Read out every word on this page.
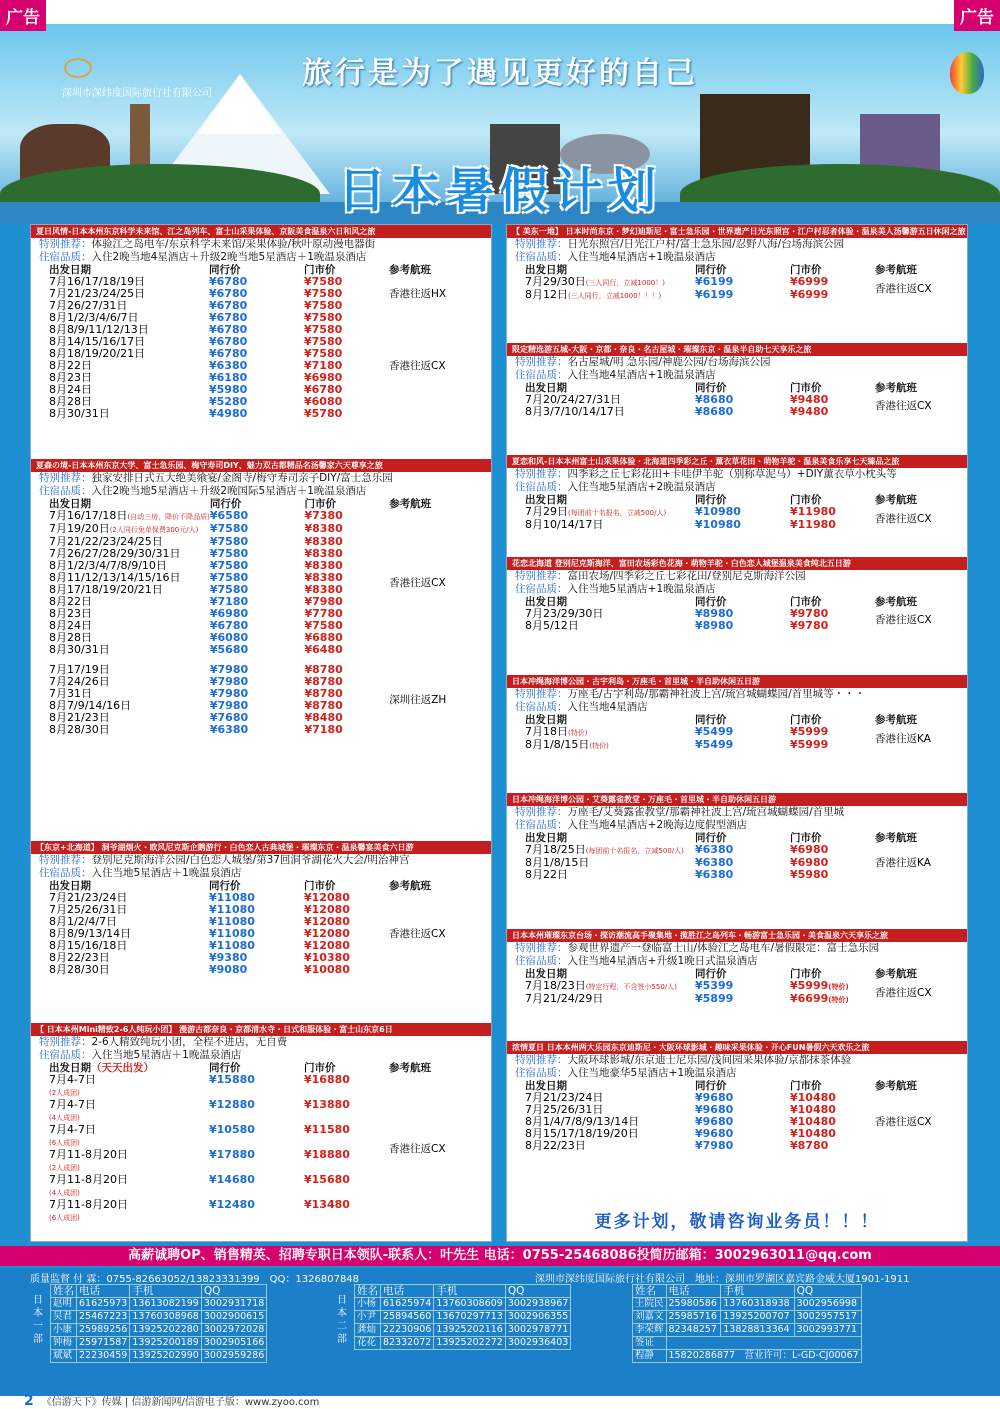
广告	广告
深圳市深纬度国际旅行社有限公司
旅行是为了遇见更好的自己
日本暑假计划
夏日风情-日本本州东京科学未来馆、江之岛列车、富士山采果体验、京阪美食温泉六日和风之旅
特别推荐：体验江之岛电车/东京科学未来馆/采果体验/秋叶原动漫电器街
住宿品质：入住2晚当地4星酒店＋升级2晚当地5星酒店＋1晚温泉酒店
出发日期	同行价	门市价	参考航班
7月16/17/18/19日	¥6780	¥7580	香港往返HX
7月21/23/24/25日	¥6780	¥7580	
7月26/27/31日	¥6780	¥7580	
8月1/2/3/4/6/7日	¥6780	¥7580	香港往返CX
8月8/9/11/12/13日	¥6780	¥7580	
8月14/15/16/17日	¥6780	¥7580	
8月18/19/20/21日	¥6780	¥7580	
8月22日	¥6380	¥7180	
8月23日	¥6180	¥6980	
8月24日	¥5980	¥6780	
8月28日	¥5280	¥6080	
8月30/31日	¥4980	¥5780	
夏森の境-日本本州东京大学、富士急乐园、梅守寿司DIY、魅力双古都精品名汤馨家六天尊享之旅
特别推荐：独家安排日式五大绝美飨宴/金阁寺/梅守寿司亲子DIY/富士急乐园
住宿品质：入住2晚当地5星酒店＋升级2晚国际5星酒店＋1晚温泉酒店
出发日期	同行价	门市价	参考航班
7月16/17/18日(自动三房，降价不降品质)	¥6580	¥7380	香港往返CX
7月19/20日(2人同行免单保费300元/人)	¥7580	¥8380	
7月21/22/23/24/25日	¥7580	¥8380	
7月26/27/28/29/30/31日	¥7580	¥8380	
8月1/2/3/4/7/8/9/10日	¥7580	¥8380	
8月11/12/13/14/15/16日	¥7580	¥8380	
8月17/18/19/20/21日	¥7580	¥8380	
8月22日	¥7180	¥7980	
8月23日	¥6980	¥7780	
8月24日	¥6780	¥7580	
8月28日	¥6080	¥6880	
8月30/31日	¥5680	¥6480	

7月17/19日	¥7980	¥8780	深圳往返ZH
7月24/26日	¥7980	¥8780	
7月31日	¥7980	¥8780	
8月7/9/14/16日	¥7980	¥8780	
8月21/23日	¥7680	¥8480	
8月28/30日	¥6380	¥7180	
【东京+北海道】 洞爷湖烟火・欧风尼克斯企鹅游行・白色恋人古典城堡・璀璨东京・温泉馨宴美食六日游
特别推荐：登别尼克斯海洋公园/白色恋人城堡/第37回洞爷湖花火大会/明治神宫
住宿品质：入住当地5星酒店＋1晚温泉酒店
出发日期	同行价	门市价	参考航班
7月21/23/24日	¥11080	¥12080	香港往返CX
7月25/26/31日	¥11080	¥12080	
8月1/2/4/7日	¥11080	¥12080	
8月8/9/13/14日	¥11080	¥12080	
8月15/16/18日	¥11080	¥12080	
8月22/23日	¥9380	¥10380	
8月28/30日	¥9080	¥10080	
【 日本本州Mini精致2-6人纯玩小团】 漫游古都奈良・京都清水寺・日式和服体验・富士山东京6日
特别推荐：2-6人精致纯玩小团，全程不进店，无自费
住宿品质：入住当地5星酒店＋1晚温泉酒店
出发日期（天天出发）	同行价	门市价	参考航班
7月4-7日
(2人成团)	¥15880	¥16880	香港往返CX
7月4-7日
(4人成团)	¥12880	¥13880	
7月4-7日
(6人成团)	¥10580	¥11580	
7月11-8月20日
(2人成团)	¥17880	¥18880	
7月11-8月20日
(4人成团)	¥14680	¥15680	
7月11-8月20日
(6人成团)	¥12480	¥13480	
【 美东一地】 日本时尚东京・梦幻迪斯尼・富士急乐园・世界遗产日光东照宫・江户村忍者体验・温泉美人汤馨游五日休闲之旅
特别推荐：日光东照宫/日光江户村/富士急乐园/忍野八海/台场海滨公园
住宿品质：入住当地4星酒店+1晚温泉酒店
出发日期	同行价	门市价	参考航班
7月29/30日(三人同行，立减1000！)	¥6199	¥6999	香港往返CX
8月12日(三人同行，立减1000！！！)	¥6199	¥6999	
限定精选游五城-大阪・京都・奈良・名古屋城・璀璨东京・温泉半自助七天享乐之旅
特别推荐：名古屋城/明 急乐园/神鹿公园/台场海滨公园
住宿品质：入住当地4星酒店+1晚温泉酒店
出发日期	同行价	门市价	参考航班
7月20/24/27/31日	¥8680	¥9480	香港往返CX
8月3/7/10/14/17日	¥8680	¥9480	
夏恋和风-日本本州富士山采果体验・北海道四季彩之丘・薰衣草花田・萌物羊驼・温泉美食乐享七天臻品之旅
特别推荐：四季彩之丘七彩花田+卡哇伊羊驼（别称草泥马）+DIY薰衣草小枕头等
住宿品质：入住当地5星酒店+2晚温泉酒店
出发日期	同行价	门市价	参考航班
7月29日(每团前十名报名，立减500/人)	¥10980	¥11980	香港往返CX
8月10/14/17日	¥10980	¥11980	
花恋北海道 登别尼克斯海洋、富田农场彩色花海・萌物羊驼・白色恋人城堡温泉美食纯北五日游
特别推荐：富田农场/四季彩之丘七彩花田/登别尼克斯海洋公园
住宿品质：入住当地5星酒店+1晚温泉酒店
出发日期	同行价	门市价	参考航班
7月23/29/30日	¥8980	¥9780	香港往返CX
8月5/12日	¥8980	¥9780	
日本冲绳海洋博公园・古宇利岛・万座毛・首里城・半自助休闲五日游
特别推荐：万座毛/古宇利岛/那霸神社波上宫/琉宫城蝴蝶园/首里城等・・・
住宿品质：入住当地4星酒店
出发日期	同行价	门市价	参考航班
7月18日(特价)	¥5499	¥5999	香港往返KA
8月1/8/15日(特价)	¥5499	¥5999	
日本冲绳海洋博公园・艾葵露雀教堂・万座毛・首里城・半自助休闲五日游
特别推荐：万座毛/艾葵露雀教堂/那霸神社波上宫/琉宫城蝴蝶园/首里城
住宿品质：入住当地4星酒店+2晚海边度假型酒店
出发日期	同行价	门市价	参考航班
7月18/25日(每团前十名报名，立减500/人)	¥6380	¥6980	香港往返KA
8月1/8/15日	¥6380	¥6980	
8月22日	¥6380	¥5980	
日本本州璀璨东京台场・探访潮流高手聚集地・揽胜江之岛列车・畅游富士急乐园・美食温泉六天享乐之旅
特别推荐：参观世界遗产一登临富士山/体验江之岛电车/暑假限定：富士急乐园
住宿品质：入住当地4星酒店+升级1晚日式温泉酒店
出发日期	同行价	门市价	参考航班
7月18/23日(特定行程，不含签小550/人)	¥5399	¥5999(特价)	香港往返CX
7月21/24/29日	¥5899	¥6699(特价)	
浓情夏日 日本本州两大乐园东京迪斯尼・大阪环球影城・趣味采果体验・开心FUN暑假六天欢乐之旅
特别推荐：大阪环球影城/东京迪士尼乐园/浅间园采果体验/京都抹茶体验
住宿品质：入住当地豪华5星酒店+1晚温泉酒店
出发日期	同行价	门市价	参考航班
7月21/23/24日	¥9680	¥10480	香港往返CX
7月25/26/31日	¥9680	¥10480	
8月1/4/7/8/9/13/14日	¥9680	¥10480	
8月15/17/18/19/20日	¥9680	¥10480	
8月22/23日	¥7980	¥8780	
更多计划，敬请咨询业务员！！！
高薪诚聘OP、销售精英、招聘专职日本领队-联系人：叶先生 电话：0755-25468086投简历邮箱：3002963011@qq.com
质量监督 付 霖：0755-82663052/13823331399　QQ：1326807848	深圳市深纬度国际旅行社有限公司　地址：深圳市罗湖区嘉宾路金威大厦1901-1911
日本一部
姓名	电话	手机	QQ
赵明	61625973	13613082199	3002931718
吴君	25467223	13760308968	3002900615
小康	25989256	13925202280	3002972028
钟梅	25971587	13925200189	3002905166
斌斌	22230459	13925202990	3002959286
日本二部
姓名	电话	手机	QQ
小杨	61625974	13760308609	3002938967
小尹	25894560	13670297713	3002906355
龚灿	22230906	13925202116	3002978771
花花	82332072	13925202272	3002936403
姓名	电话	手机	QQ
王院民	25980586	13760318938	3002956998
刘嘉文	25985716	13925200707	3002957517
李荣辉	82348257	13828813364	3002993771
签证			
程静	15820286877　 营业许可：L-GD-CJ00067		
2 《信游天下》传媒 | 信游新闻网/信游电子版：www.zyoo.com
